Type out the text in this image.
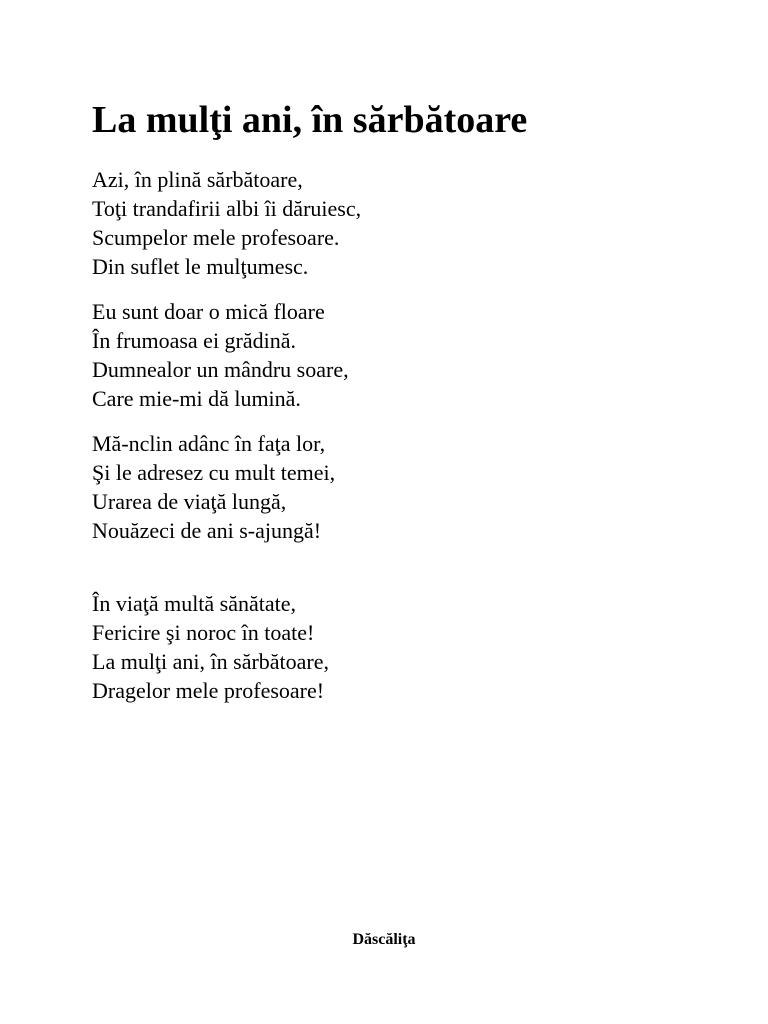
La mulţi ani, în sărbătoare

Azi, în plină sărbătoare,
Toţi trandafirii albi îi dăruiesc,
Scumpelor mele profesoare.
Din suflet le mulţumesc.

Eu sunt doar o mică floare
În frumoasa ei grădină.
Dumnealor un mândru soare,
Care mie-mi dă lumină.

Mă-nclin adânc în faţa lor,
Şi le adresez cu mult temei,
Urarea de viaţă lungă,
Nouăzeci de ani s-ajungă!

În viaţă multă sănătate,
Fericire şi noroc în toate!
La mulţi ani, în sărbătoare,
Dragelor mele profesoare!

Dăscăliţa
